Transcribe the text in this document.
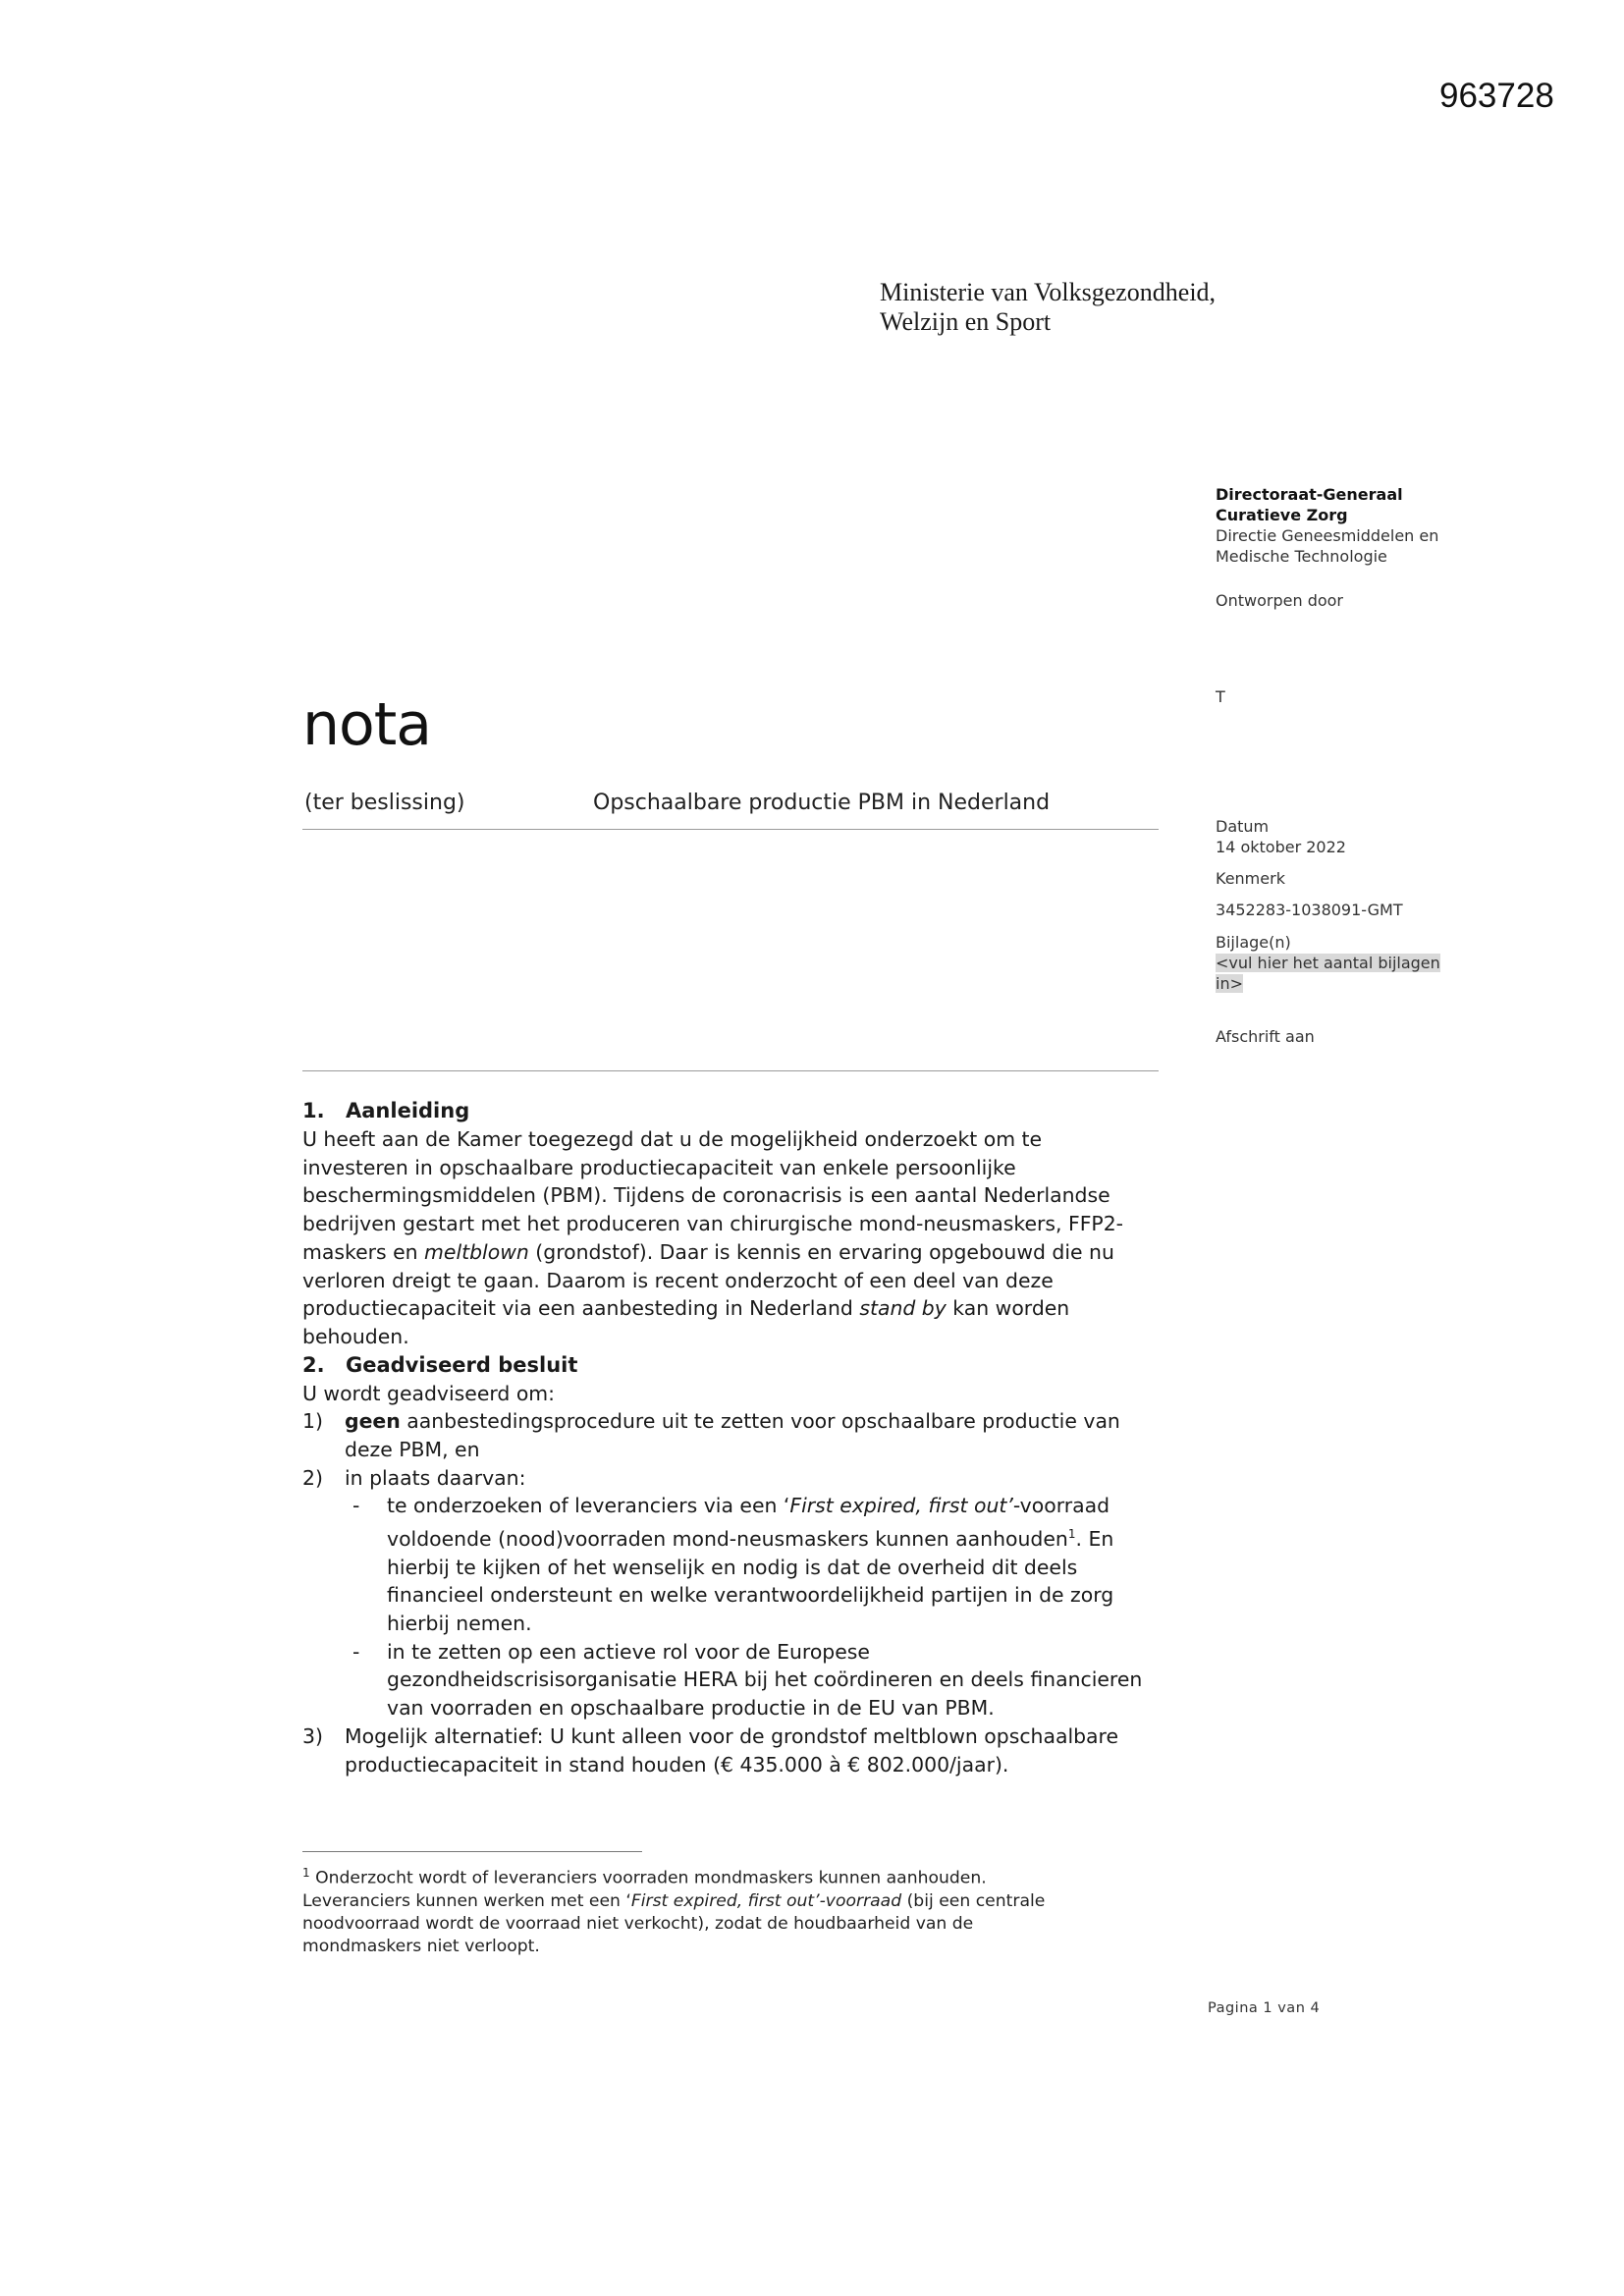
963728
Ministerie van Volksgezondheid,
Welzijn en Sport
Directoraat-Generaal
Curatieve Zorg
Directie Geneesmiddelen en
Medische Technologie
Ontworpen door
T
Datum
14 oktober 2022
Kenmerk
3452283-1038091-GMT
Bijlage(n)
<vul hier het aantal bijlagen
in>
Afschrift aan
nota
(ter beslissing)	Opschaalbare productie PBM in Nederland
1. Aanleiding

U heeft aan de Kamer toegezegd dat u de mogelijkheid onderzoekt om te

investeren in opschaalbare productiecapaciteit van enkele persoonlijke

beschermingsmiddelen (PBM). Tijdens de coronacrisis is een aantal Nederlandse

bedrijven gestart met het produceren van chirurgische mond-neusmaskers, FFP2-

maskers en meltblown (grondstof). Daar is kennis en ervaring opgebouwd die nu

verloren dreigt te gaan. Daarom is recent onderzocht of een deel van deze

productiecapaciteit via een aanbesteding in Nederland stand by kan worden

behouden.

2. Geadviseerd besluit

U wordt geadviseerd om:

1)	geen aanbestedingsprocedure uit te zetten voor opschaalbare productie van
deze PBM, en
2)	in plaats daarvan:
-	te onderzoeken of leveranciers via een ‘First expired, first out’-voorraad
voldoende (nood)voorraden mond-neusmaskers kunnen aanhouden$^1$. En
hierbij te kijken of het wenselijk en nodig is dat de overheid dit deels
financieel ondersteunt en welke verantwoordelijkheid partijen in de zorg
hierbij nemen.
-	in te zetten op een actieve rol voor de Europese
gezondheidscrisisorganisatie HERA bij het coördineren en deels financieren
van voorraden en opschaalbare productie in de EU van PBM.
3)	Mogelijk alternatief: U kunt alleen voor de grondstof meltblown opschaalbare
productiecapaciteit in stand houden (€ 435.000 à € 802.000/jaar).
$^1$ Onderzocht wordt of leveranciers voorraden mondmaskers kunnen aanhouden.
Leveranciers kunnen werken met een ‘First expired, first out’-voorraad (bij een centrale
noodvoorraad wordt de voorraad niet verkocht), zodat de houdbaarheid van de
mondmaskers niet verloopt.
Pagina 1 van 4
